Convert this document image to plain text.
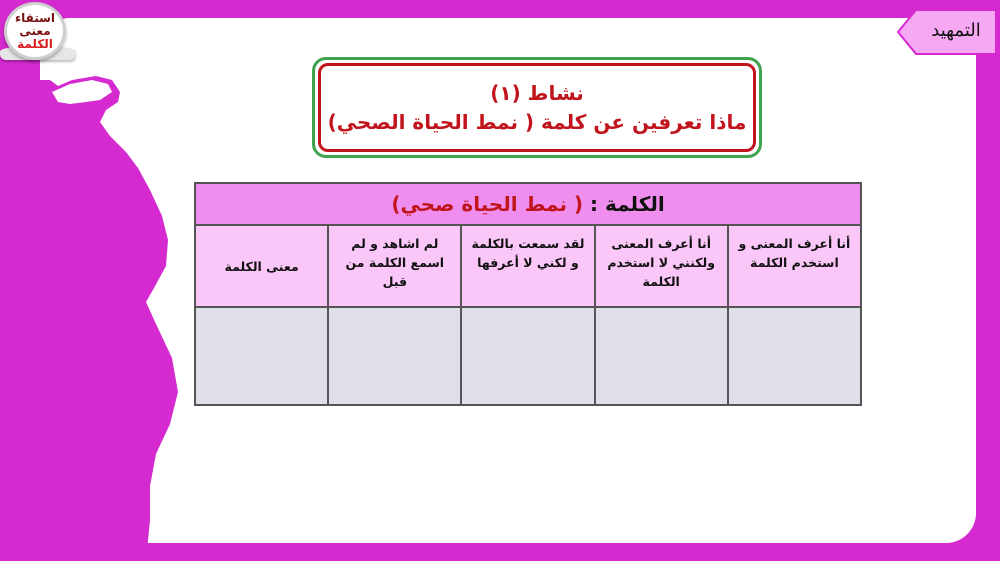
استقاء
معنى
الكلمة
التمهيد
نشاط (١)
ماذا تعرفين عن كلمة ( نمط الحياة الصحي)
الكلمة : ( نمط الحياة صحي)				
أنا أعرف المعنى و استخدم الكلمة	أنا أعرف المعنى ولكنني لا استخدم الكلمة	لقد سمعت بالكلمة و لكني لا أعرفها	لم اشاهد و لم اسمع الكلمة من قبل	معنى الكلمة
